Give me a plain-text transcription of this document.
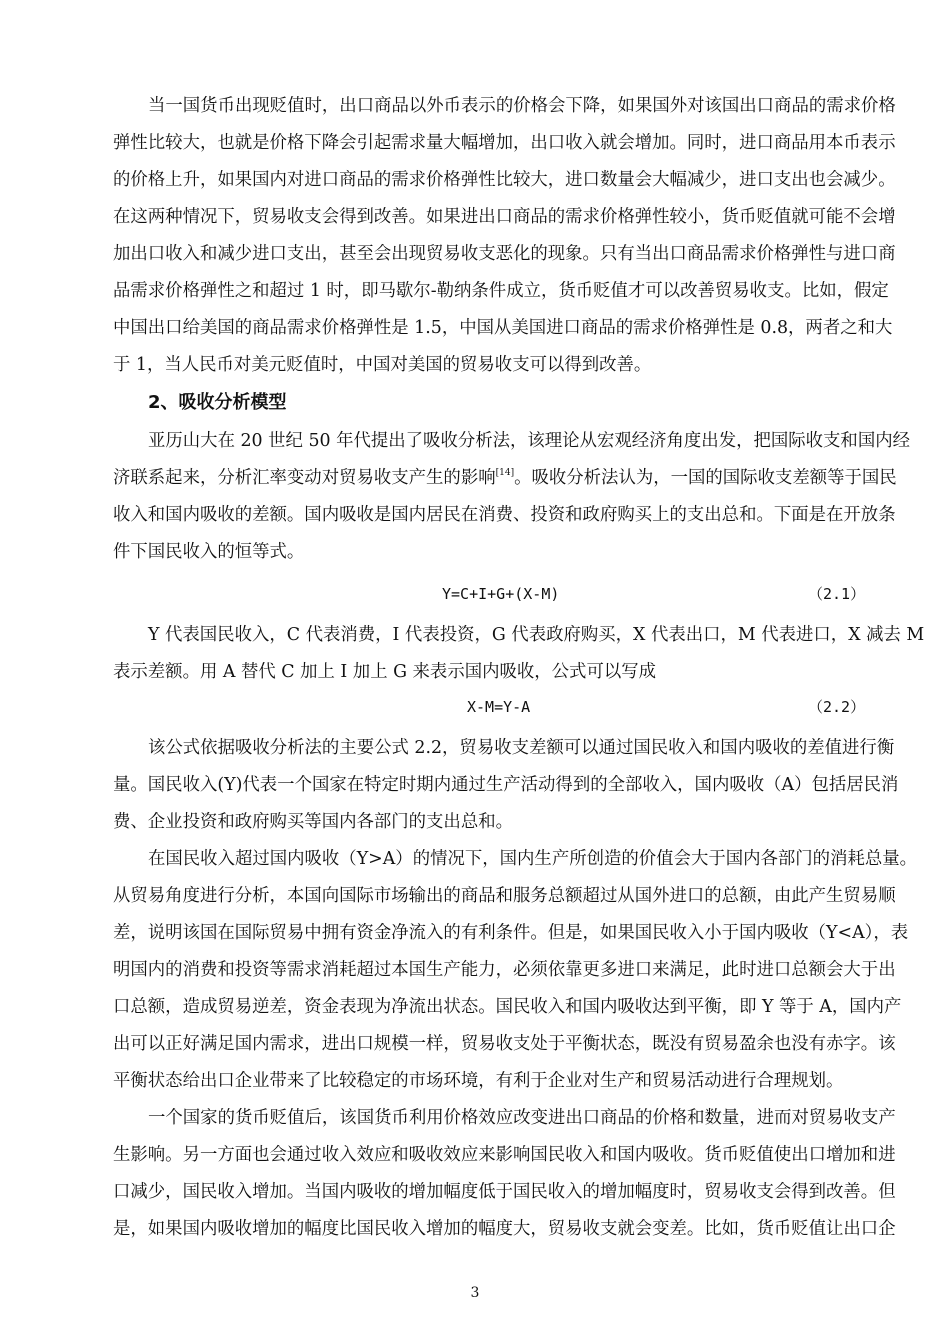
当一国货币出现贬值时，出口商品以外币表示的价格会下降，如果国外对该国出口商品的需求价格
弹性比较大，也就是价格下降会引起需求量大幅增加，出口收入就会增加。同时，进口商品用本币表示
的价格上升，如果国内对进口商品的需求价格弹性比较大，进口数量会大幅减少，进口支出也会减少。
在这两种情况下，贸易收支会得到改善。如果进出口商品的需求价格弹性较小，货币贬值就可能不会增
加出口收入和减少进口支出，甚至会出现贸易收支恶化的现象。只有当出口商品需求价格弹性与进口商
品需求价格弹性之和超过 1 时，即马歇尔-勒纳条件成立，货币贬值才可以改善贸易收支。比如，假定
中国出口给美国的商品需求价格弹性是 1.5，中国从美国进口商品的需求价格弹性是 0.8，两者之和大
于 1，当人民币对美元贬值时，中国对美国的贸易收支可以得到改善。
2、吸收分析模型
亚历山大在 20 世纪 50 年代提出了吸收分析法，该理论从宏观经济角度出发，把国际收支和国内经
济联系起来，分析汇率变动对贸易收支产生的影响[14]。吸收分析法认为，一国的国际收支差额等于国民
收入和国内吸收的差额。国内吸收是国内居民在消费、投资和政府购买上的支出总和。下面是在开放条
件下国民收入的恒等式。
Y=C+I+G+(X-M)	（2.1）
Y 代表国民收入，C 代表消费，I 代表投资，G 代表政府购买，X 代表出口，M 代表进口，X 减去 M
表示差额。用 A 替代 C 加上 I 加上 G 来表示国内吸收，公式可以写成
X-M=Y-A	（2.2）
该公式依据吸收分析法的主要公式 2.2，贸易收支差额可以通过国民收入和国内吸收的差值进行衡
量。国民收入(Y)代表一个国家在特定时期内通过生产活动得到的全部收入，国内吸收（A）包括居民消
费、企业投资和政府购买等国内各部门的支出总和。
在国民收入超过国内吸收（Y>A）的情况下，国内生产所创造的价值会大于国内各部门的消耗总量。
从贸易角度进行分析，本国向国际市场输出的商品和服务总额超过从国外进口的总额，由此产生贸易顺
差，说明该国在国际贸易中拥有资金净流入的有利条件。但是，如果国民收入小于国内吸收（Y<A），表
明国内的消费和投资等需求消耗超过本国生产能力，必须依靠更多进口来满足，此时进口总额会大于出
口总额，造成贸易逆差，资金表现为净流出状态。国民收入和国内吸收达到平衡，即 Y 等于 A，国内产
出可以正好满足国内需求，进出口规模一样，贸易收支处于平衡状态，既没有贸易盈余也没有赤字。该
平衡状态给出口企业带来了比较稳定的市场环境，有利于企业对生产和贸易活动进行合理规划。
一个国家的货币贬值后，该国货币利用价格效应改变进出口商品的价格和数量，进而对贸易收支产
生影响。另一方面也会通过收入效应和吸收效应来影响国民收入和国内吸收。货币贬值使出口增加和进
口减少，国民收入增加。当国内吸收的增加幅度低于国民收入的增加幅度时，贸易收支会得到改善。但
是，如果国内吸收增加的幅度比国民收入增加的幅度大，贸易收支就会变差。比如，货币贬值让出口企
3
